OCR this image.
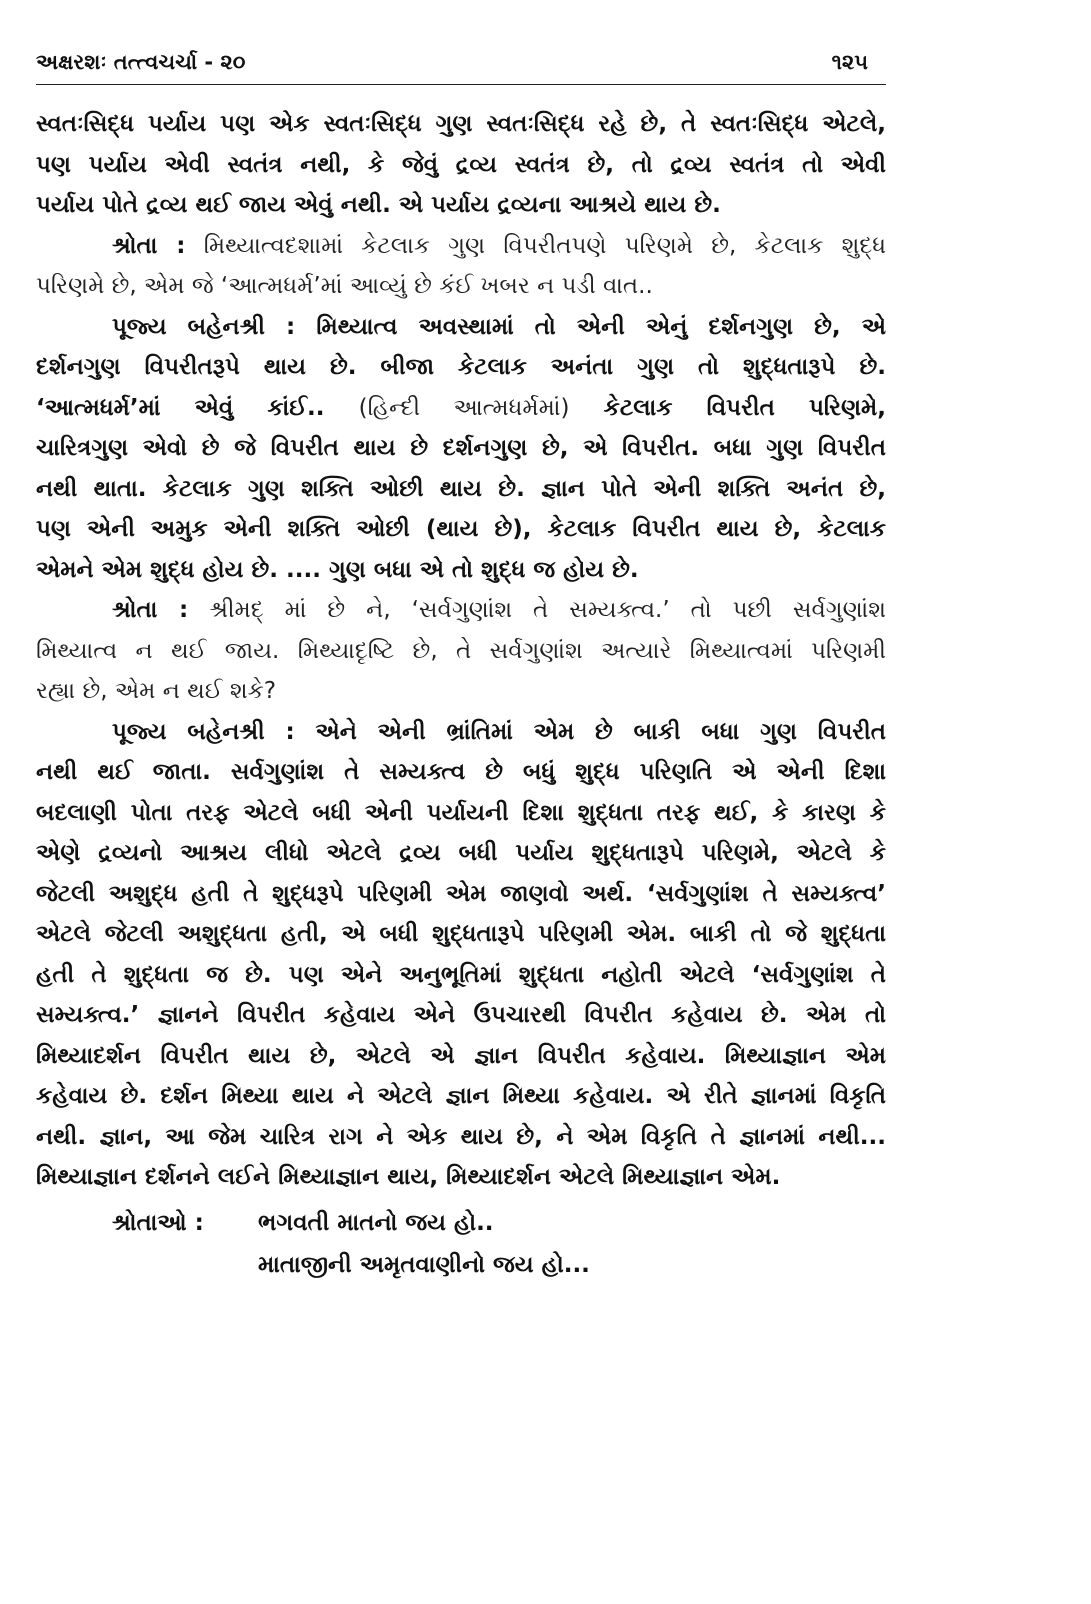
અક્ષરશઃ તત્ત્વચર્ચા - ૨૦	૧૨૫
સ્વતઃસિદ્ધ પર્યાય પણ એક સ્વતઃસિદ્ધ ગુણ સ્વતઃસિદ્ધ રહે છે, તે સ્વતઃસિદ્ધ એટલે,
પણ પર્યાય એવી સ્વતંત્ર નથી, કે જેવું દ્રવ્ય સ્વતંત્ર છે, તો દ્રવ્ય સ્વતંત્ર તો એવી
પર્યાય પોતે દ્રવ્ય થઈ જાય એવું નથી. એ પર્યાય દ્રવ્યના આશ્રયે થાય છે.
શ્રોતા : મિથ્યાત્વદશામાં કેટલાક ગુણ વિપરીતપણે પરિણમે છે, કેટલાક શુદ્ધ
પરિણમે છે, એમ જે ‘આત્મધર્મ’માં આવ્યું છે કંઈ ખબર ન પડી વાત..
પૂજ્ય બહેનશ્રી : મિથ્યાત્વ અવસ્થામાં તો એની એનું દર્શનગુણ છે, એ
દર્શનગુણ વિપરીતરૂપે થાય છે. બીજા કેટલાક અનંતા ગુણ તો શુદ્ધતારૂપે છે.
‘આત્મધર્મ’માં એવું કાંઈ.. (હિન્દી આત્મધર્મમાં) કેટલાક વિપરીત પરિણમે,
ચારિત્રગુણ એવો છે જે વિપરીત થાય છે દર્શનગુણ છે, એ વિપરીત. બધા ગુણ વિપરીત
નથી થાતા. કેટલાક ગુણ શક્તિ ઓછી થાય છે. જ્ઞાન પોતે એની શક્તિ અનંત છે,
પણ એની અમુક એની શક્તિ ઓછી (થાય છે), કેટલાક વિપરીત થાય છે, કેટલાક
એમને એમ શુદ્ધ હોય છે. .... ગુણ બધા એ તો શુદ્ધ જ હોય છે.
શ્રોતા : શ્રીમદ્ માં છે ને, ‘સર્વગુણાંશ તે સમ્યક્ત્વ.’ તો પછી સર્વગુણાંશ
મિથ્યાત્વ ન થઈ જાય. મિથ્યાદૃષ્ટિ છે, તે સર્વગુણાંશ અત્યારે મિથ્યાત્વમાં પરિણમી
રહ્યા છે, એમ ન થઈ શકે?
પૂજ્ય બહેનશ્રી : એને એની ભ્રાંતિમાં એમ છે બાકી બધા ગુણ વિપરીત
નથી થઈ જાતા. સર્વગુણાંશ તે સમ્યક્ત્વ છે બધું શુદ્ધ પરિણતિ એ એની દિશા
બદલાણી પોતા તરફ એટલે બધી એની પર્યાયની દિશા શુદ્ધતા તરફ થઈ, કે કારણ કે
એણે દ્રવ્યનો આશ્રય લીધો એટલે દ્રવ્ય બધી પર્યાય શુદ્ધતારૂપે પરિણમે, એટલે કે
જેટલી અશુદ્ધ હતી તે શુદ્ધરૂપે પરિણમી એમ જાણવો અર્થ. ‘સર્વગુણાંશ તે સમ્યક્ત્વ’
એટલે જેટલી અશુદ્ધતા હતી, એ બધી શુદ્ધતારૂપે પરિણમી એમ. બાકી તો જે શુદ્ધતા
હતી તે શુદ્ધતા જ છે. પણ એને અનુભૂતિમાં શુદ્ધતા નહોતી એટલે ‘સર્વગુણાંશ તે
સમ્યક્ત્વ.’ જ્ઞાનને વિપરીત કહેવાય એને ઉપચારથી વિપરીત કહેવાય છે. એમ તો
મિથ્યાદર્શન વિપરીત થાય છે, એટલે એ જ્ઞાન વિપરીત કહેવાય. મિથ્યાજ્ઞાન એમ
કહેવાય છે. દર્શન મિથ્યા થાય ને એટલે જ્ઞાન મિથ્યા કહેવાય. એ રીતે જ્ઞાનમાં વિકૃતિ
નથી. જ્ઞાન, આ જેમ ચારિત્ર રાગ ને એક થાય છે, ને એમ વિકૃતિ તે જ્ઞાનમાં નથી...
મિથ્યાજ્ઞાન દર્શનને લઈને મિથ્યાજ્ઞાન થાય, મિથ્યાદર્શન એટલે મિથ્યાજ્ઞાન એમ.
શ્રોતાઓ : ભગવતી માતનો જય હો..
માતાજીની અમૃતવાણીનો જય હો...
